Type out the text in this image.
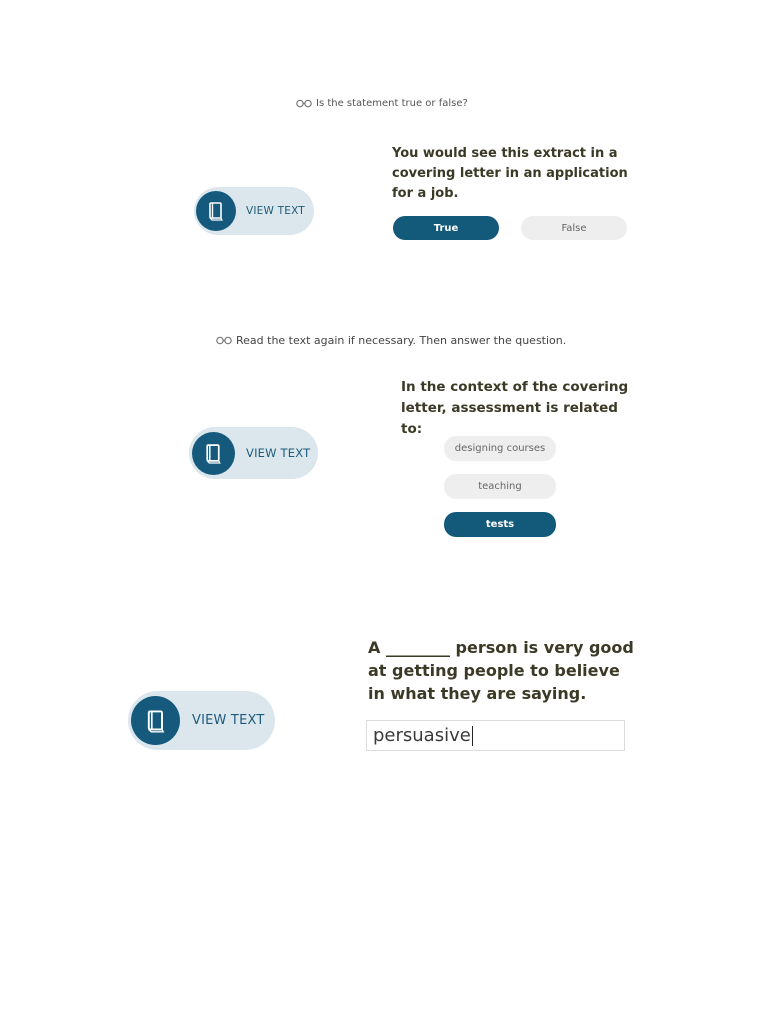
Is the statement true or false?
VIEW TEXT
You would see this extract in a covering letter in an application for a job.
True	False
Read the text again if necessary. Then answer the question.
VIEW TEXT
In the context of the covering letter, assessment is related to:
designing courses
teaching
tests
VIEW TEXT
A ________ person is very good at getting people to believe in what they are saying.
persuasive
